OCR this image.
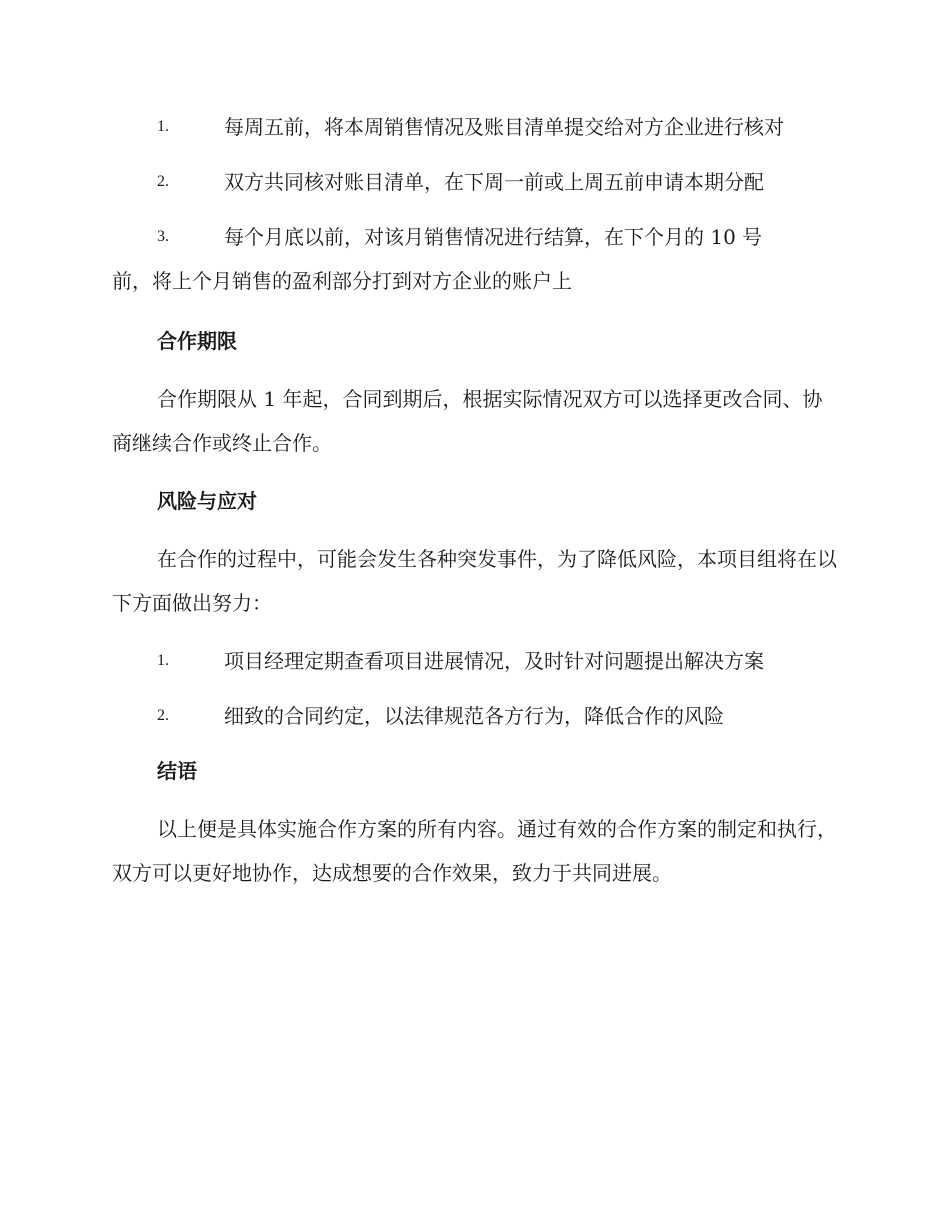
1.	每周五前，将本周销售情况及账目清单提交给对方企业进行核对
2.	双方共同核对账目清单，在下周一前或上周五前申请本期分配
3.	每个月底以前，对该月销售情况进行结算，在下个月的 10 号
前，将上个月销售的盈利部分打到对方企业的账户上
合作期限

合作期限从 1 年起，合同到期后，根据实际情况双方可以选择更改合同、协商继续合作或终止合作。

风险与应对

在合作的过程中，可能会发生各种突发事件，为了降低风险，本项目组将在以下方面做出努力：

1.	项目经理定期查看项目进展情况，及时针对问题提出解决方案
2.	细致的合同约定，以法律规范各方行为，降低合作的风险
结语

以上便是具体实施合作方案的所有内容。通过有效的合作方案的制定和执行，双方可以更好地协作，达成想要的合作效果，致力于共同进展。
